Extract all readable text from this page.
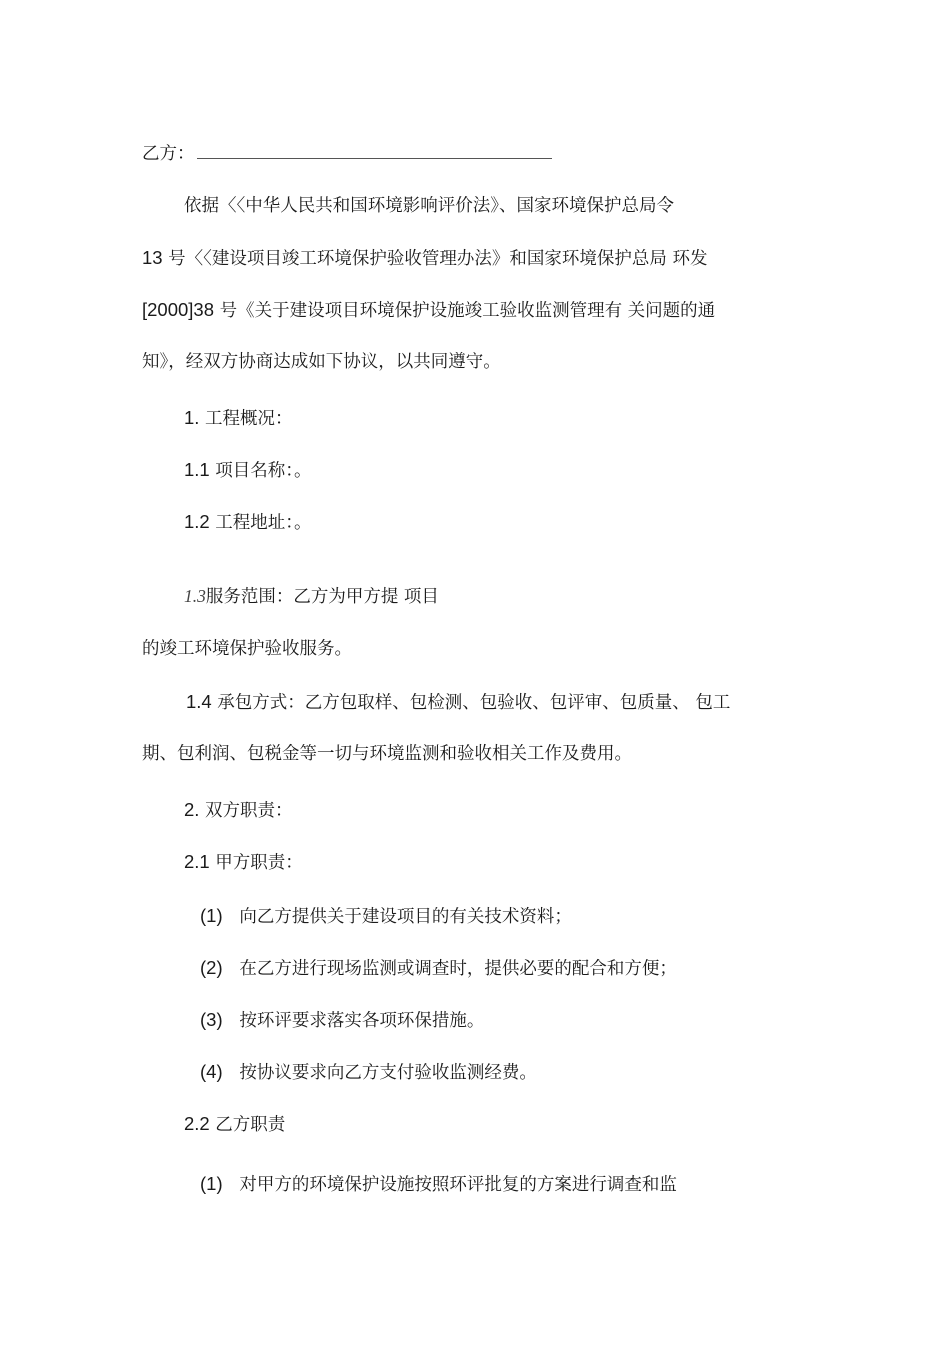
乙方：
依据〈〈中华人民共和国环境影响评价法》、国家环境保护总局令
13 号〈〈建设项目竣工环境保护验收管理办法》和国家环境保护总局 环发
[2000]38 号《关于建设项目环境保护设施竣工验收监测管理有 关问题的通
知》，经双方协商达成如下协议，以共同遵守。
1. 工程概况：
1.1 项目名称：。
1.2 工程地址：。
1.3服务范围：乙方为甲方提 项目
的竣工环境保护验收服务。
1.4 承包方式：乙方包取样、包检测、包验收、包评审、包质量、 包工
期、包利润、包税金等一切与环境监测和验收相关工作及费用。
2. 双方职责：
2.1 甲方职责：
(1) 向乙方提供关于建设项目的有关技术资料；
(2) 在乙方进行现场监测或调查时，提供必要的配合和方便；
(3) 按环评要求落实各项环保措施。
(4) 按协议要求向乙方支付验收监测经费。
2.2 乙方职责
(1) 对甲方的环境保护设施按照环评批复的方案进行调查和监
